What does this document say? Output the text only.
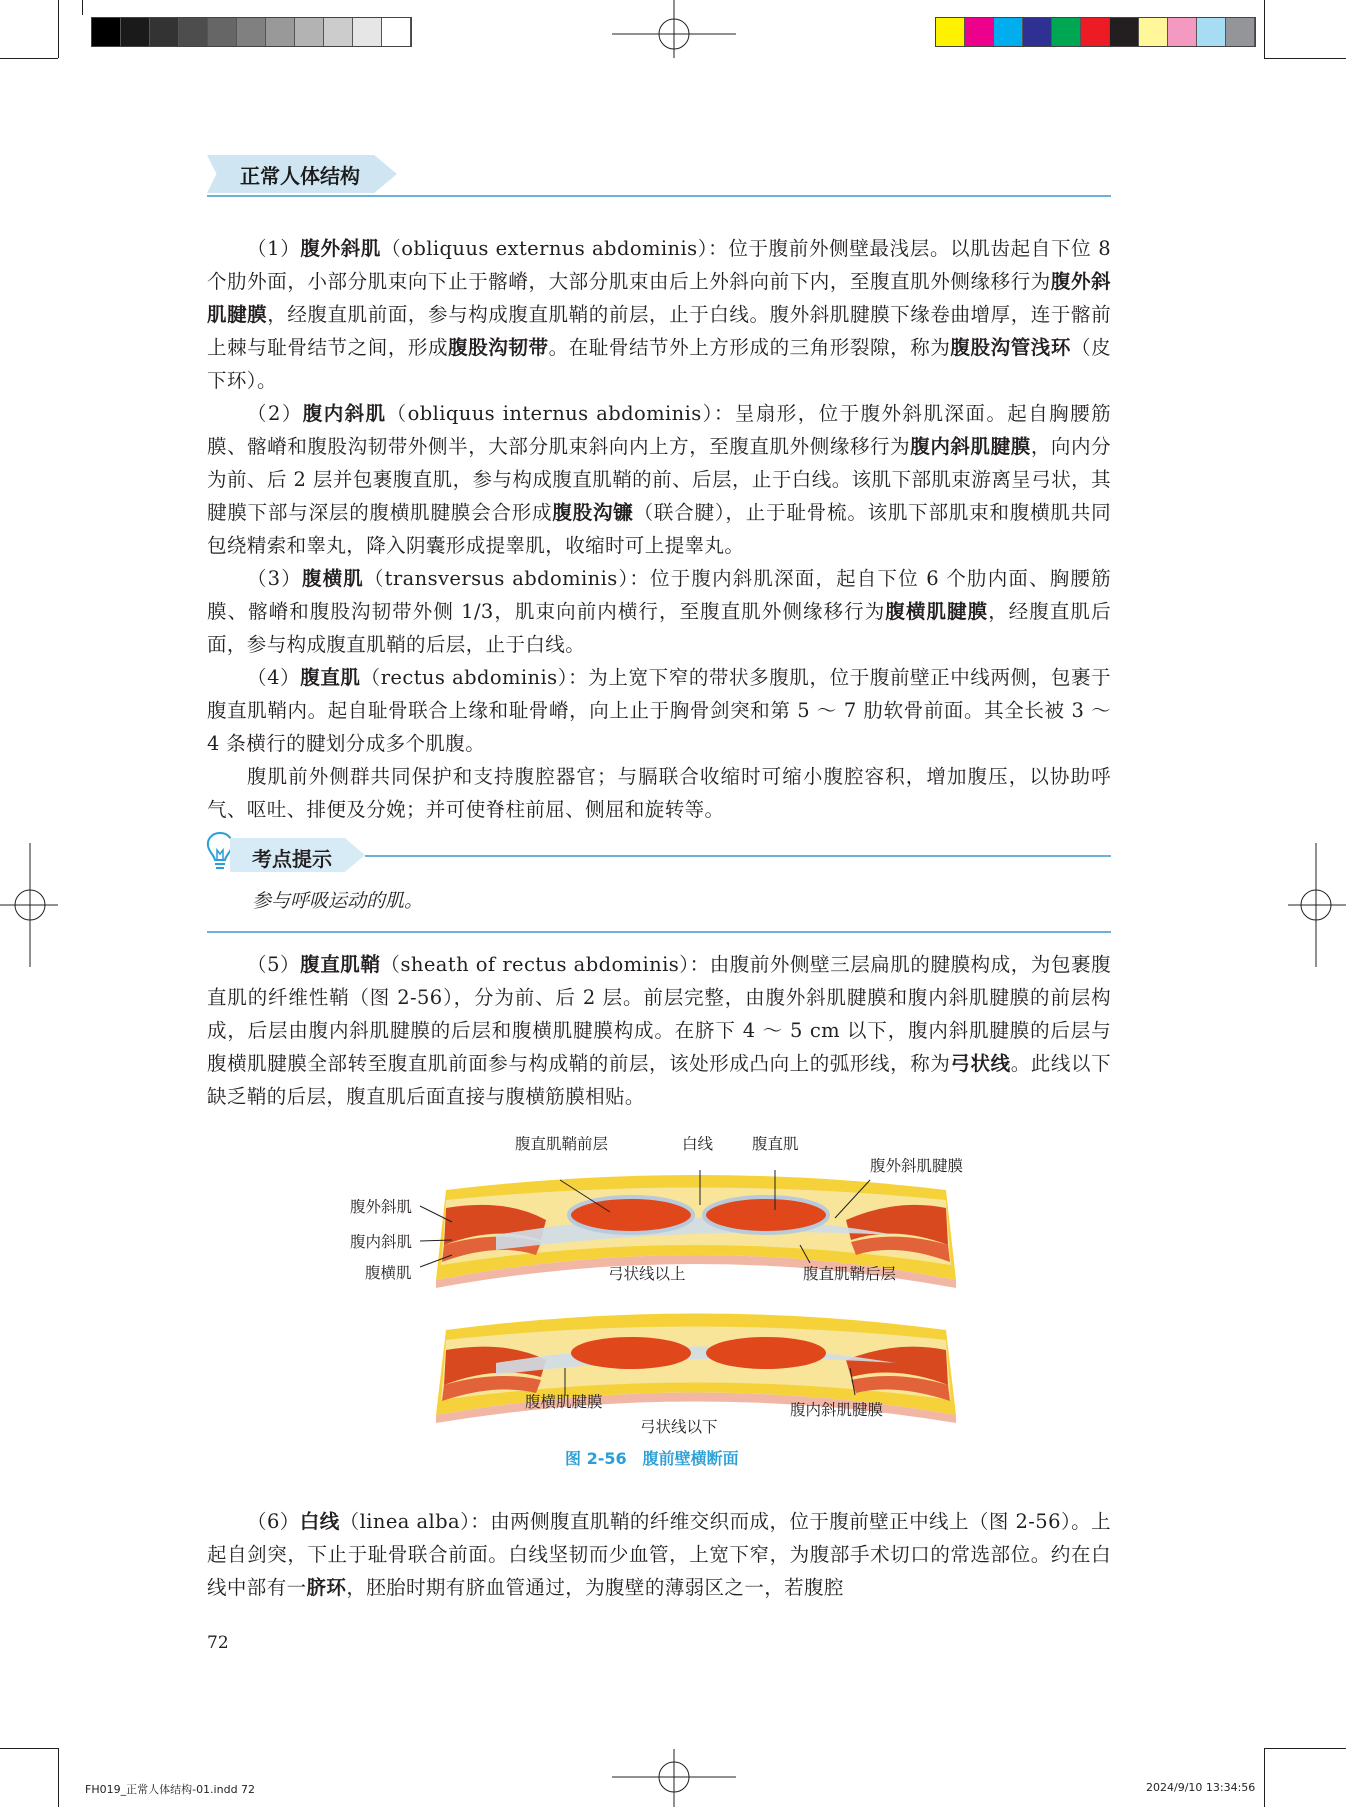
正常人体结构

（1）腹外斜肌（obliquus externus abdominis）：位于腹前外侧壁最浅层。以肌齿起自下位 8 个肋外面，小部分肌束向下止于髂嵴，大部分肌束由后上外斜向前下内，至腹直肌外侧缘移行为腹外斜肌腱膜，经腹直肌前面，参与构成腹直肌鞘的前层，止于白线。腹外斜肌腱膜下缘卷曲增厚，连于髂前上棘与耻骨结节之间，形成腹股沟韧带。在耻骨结节外上方形成的三角形裂隙，称为腹股沟管浅环（皮下环）。

（2）腹内斜肌（obliquus internus abdominis）：呈扇形，位于腹外斜肌深面。起自胸腰筋膜、髂嵴和腹股沟韧带外侧半，大部分肌束斜向内上方，至腹直肌外侧缘移行为腹内斜肌腱膜，向内分为前、后 2 层并包裹腹直肌，参与构成腹直肌鞘的前、后层，止于白线。该肌下部肌束游离呈弓状，其腱膜下部与深层的腹横肌腱膜会合形成腹股沟镰（联合腱），止于耻骨梳。该肌下部肌束和腹横肌共同包绕精索和睾丸，降入阴囊形成提睾肌，收缩时可上提睾丸。

（3）腹横肌（transversus abdominis）：位于腹内斜肌深面，起自下位 6 个肋内面、胸腰筋膜、髂嵴和腹股沟韧带外侧 1/3，肌束向前内横行，至腹直肌外侧缘移行为腹横肌腱膜，经腹直肌后面，参与构成腹直肌鞘的后层，止于白线。

（4）腹直肌（rectus abdominis）：为上宽下窄的带状多腹肌，位于腹前壁正中线两侧，包裹于腹直肌鞘内。起自耻骨联合上缘和耻骨嵴，向上止于胸骨剑突和第 5 ～ 7 肋软骨前面。其全长被 3 ～ 4 条横行的腱划分成多个肌腹。

腹肌前外侧群共同保护和支持腹腔器官；与膈联合收缩时可缩小腹腔容积，增加腹压，以协助呼气、呕吐、排便及分娩；并可使脊柱前屈、侧屈和旋转等。

考点提示
参与呼吸运动的肌。

（5）腹直肌鞘（sheath of rectus abdominis）：由腹前外侧壁三层扁肌的腱膜构成，为包裹腹直肌的纤维性鞘（图 2-56），分为前、后 2 层。前层完整，由腹外斜肌腱膜和腹内斜肌腱膜的前层构成，后层由腹内斜肌腱膜的后层和腹横肌腱膜构成。在脐下 4 ～ 5 cm 以下，腹内斜肌腱膜的后层与腹横肌腱膜全部转至腹直肌前面参与构成鞘的前层，该处形成凸向上的弧形线，称为弓状线。此线以下缺乏鞘的后层，腹直肌后面直接与腹横筋膜相贴。

腹直肌鞘前层	白线	腹直肌
腹外斜肌腱膜
腹外斜肌
腹内斜肌
腹横肌	弓状线以上	腹直肌鞘后层
腹横肌腱膜	腹内斜肌腱膜
弓状线以下
图 2-56　腹前壁横断面

（6）白线（linea alba）：由两侧腹直肌鞘的纤维交织而成，位于腹前壁正中线上（图 2-56）。上起自剑突，下止于耻骨联合前面。白线坚韧而少血管，上宽下窄，为腹部手术切口的常选部位。约在白线中部有一脐环，胚胎时期有脐血管通过，为腹壁的薄弱区之一，若腹腔

72
FH019_正常人体结构-01.indd 72	2024/9/10 13:34:56
